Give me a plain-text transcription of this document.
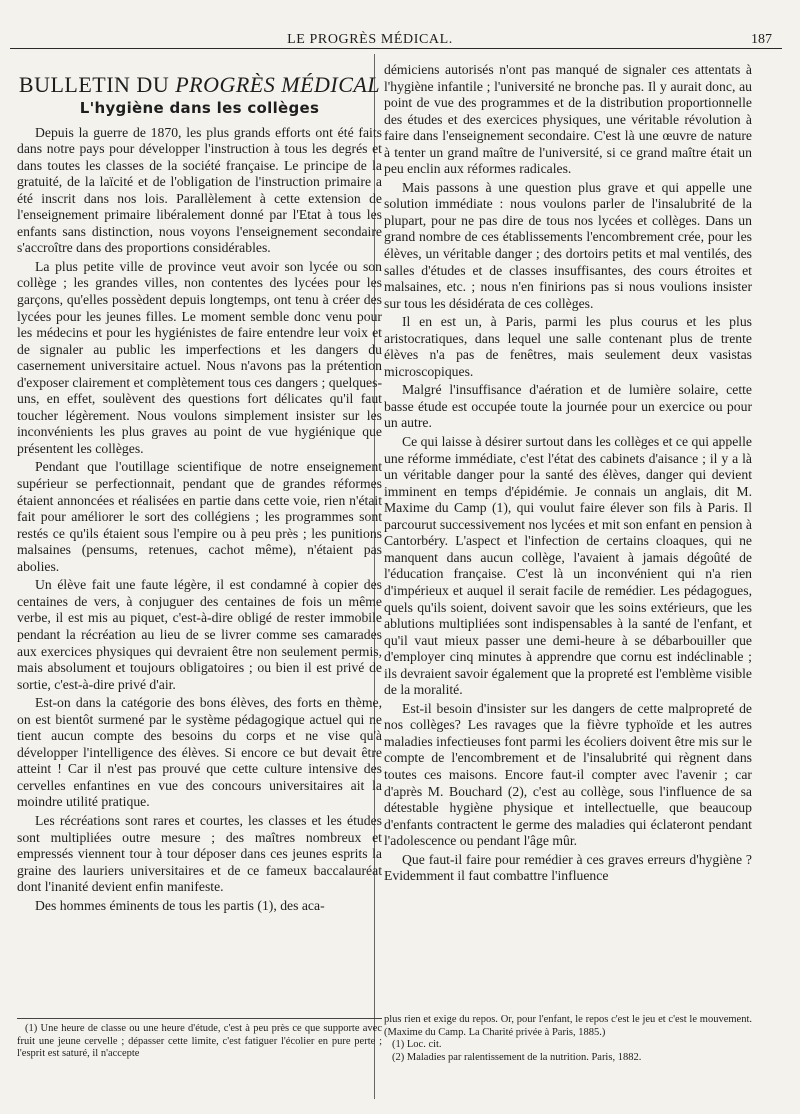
LE PROGRÈS MÉDICAL.	187
BULLETIN DU PROGRÈS MÉDICAL
L'hygiène dans les collèges

Depuis la guerre de 1870, les plus grands efforts ont été faits dans notre pays pour développer l'instruction à tous les degrés et dans toutes les classes de la société française. Le principe de la gratuité, de la laïcité et de l'obligation de l'instruction primaire a été inscrit dans nos lois. Parallèlement à cette extension de l'enseignement primaire libéralement donné par l'Etat à tous les enfants sans distinction, nous voyons l'enseignement secondaire s'accroître dans des proportions considérables.

La plus petite ville de province veut avoir son lycée ou son collège ; les grandes villes, non contentes des lycées pour les garçons, qu'elles possèdent depuis longtemps, ont tenu à créer des lycées pour les jeunes filles. Le moment semble donc venu pour les médecins et pour les hygiénistes de faire entendre leur voix et de signaler au public les imperfections et les dangers du casernement universitaire actuel. Nous n'avons pas la prétention d'exposer clairement et complètement tous ces dangers ; quelques-uns, en effet, soulèvent des questions fort délicates qu'il faut toucher légèrement. Nous voulons simplement insister sur les inconvénients les plus graves au point de vue hygiénique que présentent les collèges.

Pendant que l'outillage scientifique de notre enseignement supérieur se perfectionnait, pendant que de grandes réformes étaient annoncées et réalisées en partie dans cette voie, rien n'était fait pour améliorer le sort des collégiens ; les programmes sont restés ce qu'ils étaient sous l'empire ou à peu près ; les punitions malsaines (pensums, retenues, cachot même), n'étaient pas abolies.

Un élève fait une faute légère, il est condamné à copier des centaines de vers, à conjuguer des centaines de fois un même verbe, il est mis au piquet, c'est-à-dire obligé de rester immobile pendant la récréation au lieu de se livrer comme ses camarades aux exercices physiques qui devraient être non seulement permis, mais absolument et toujours obligatoires ; ou bien il est privé de sortie, c'est-à-dire privé d'air.

Est-on dans la catégorie des bons élèves, des forts en thème, on est bientôt surmené par le système pédagogique actuel qui ne tient aucun compte des besoins du corps et ne vise qu'à développer l'intelligence des élèves. Si encore ce but devait être atteint ! Car il n'est pas prouvé que cette culture intensive des cervelles enfantines en vue des concours universitaires ait la moindre utilité pratique.

Les récréations sont rares et courtes, les classes et les études sont multipliées outre mesure ; des maîtres nombreux et empressés viennent tour à tour déposer dans ces jeunes esprits la graine des lauriers universitaires et de ce fameux baccalauréat dont l'inanité devient enfin manifeste.

Des hommes éminents de tous les partis (1), des aca-

démiciens autorisés n'ont pas manqué de signaler ces attentats à l'hygiène infantile ; l'université ne bronche pas. Il y aurait donc, au point de vue des programmes et de la distribution proportionnelle des études et des exercices physiques, une véritable révolution à faire dans l'enseignement secondaire. C'est là une œuvre de nature à tenter un grand maître de l'université, si ce grand maître était un peu enclin aux réformes radicales.

Mais passons à une question plus grave et qui appelle une solution immédiate : nous voulons parler de l'insalubrité de la plupart, pour ne pas dire de tous nos lycées et collèges. Dans un grand nombre de ces établissements l'encombrement crée, pour les élèves, un véritable danger ; des dortoirs petits et mal ventilés, des salles d'études et de classes insuffisantes, des cours étroites et malsaines, etc. ; nous n'en finirions pas si nous voulions insister sur tous les désidérata de ces collèges.

Il en est un, à Paris, parmi les plus courus et les plus aristocratiques, dans lequel une salle contenant plus de trente élèves n'a pas de fenêtres, mais seulement deux vasistas microscopiques.

Malgré l'insuffisance d'aération et de lumière solaire, cette basse étude est occupée toute la journée pour un exercice ou pour un autre.

Ce qui laisse à désirer surtout dans les collèges et ce qui appelle une réforme immédiate, c'est l'état des cabinets d'aisance ; il y a là un véritable danger pour la santé des élèves, danger qui devient imminent en temps d'épidémie. Je connais un anglais, dit M. Maxime du Camp (1), qui voulut faire élever son fils à Paris. Il parcourut successivement nos lycées et mit son enfant en pension à Cantorbéry. L'aspect et l'infection de certains cloaques, qui ne manquent dans aucun collège, l'avaient à jamais dégoûté de l'éducation française. C'est là un inconvénient qui n'a rien d'impérieux et auquel il serait facile de remédier. Les pédagogues, quels qu'ils soient, doivent savoir que les soins extérieurs, que les ablutions multipliées sont indispensables à la santé de l'enfant, et qu'il vaut mieux passer une demi-heure à se débarbouiller que d'employer cinq minutes à apprendre que cornu est indéclinable ; ils devraient savoir également que la propreté est l'emblème visible de la moralité.

Est-il besoin d'insister sur les dangers de cette malpropreté de nos collèges? Les ravages que la fièvre typhoïde et les autres maladies infectieuses font parmi les écoliers doivent être mis sur le compte de l'encombrement et de l'insalubrité qui règnent dans toutes ces maisons. Encore faut-il compter avec l'avenir ; car d'après M. Bouchard (2), c'est au collège, sous l'influence de sa détestable hygiène physique et intellectuelle, que beaucoup d'enfants contractent le germe des maladies qui éclateront pendant l'adolescence ou pendant l'âge mûr.

Que faut-il faire pour remédier à ces graves erreurs d'hygiène ? Evidemment il faut combattre l'influence

(1) Une heure de classe ou une heure d'étude, c'est à peu près ce que supporte avec fruit une jeune cervelle ; dépasser cette limite, c'est fatiguer l'écolier en pure perte ; l'esprit est saturé, il n'accepte

plus rien et exige du repos. Or, pour l'enfant, le repos c'est le jeu et c'est le mouvement. (Maxime du Camp. La Charité privée à Paris, 1885.)

(1) Loc. cit.

(2) Maladies par ralentissement de la nutrition. Paris, 1882.
